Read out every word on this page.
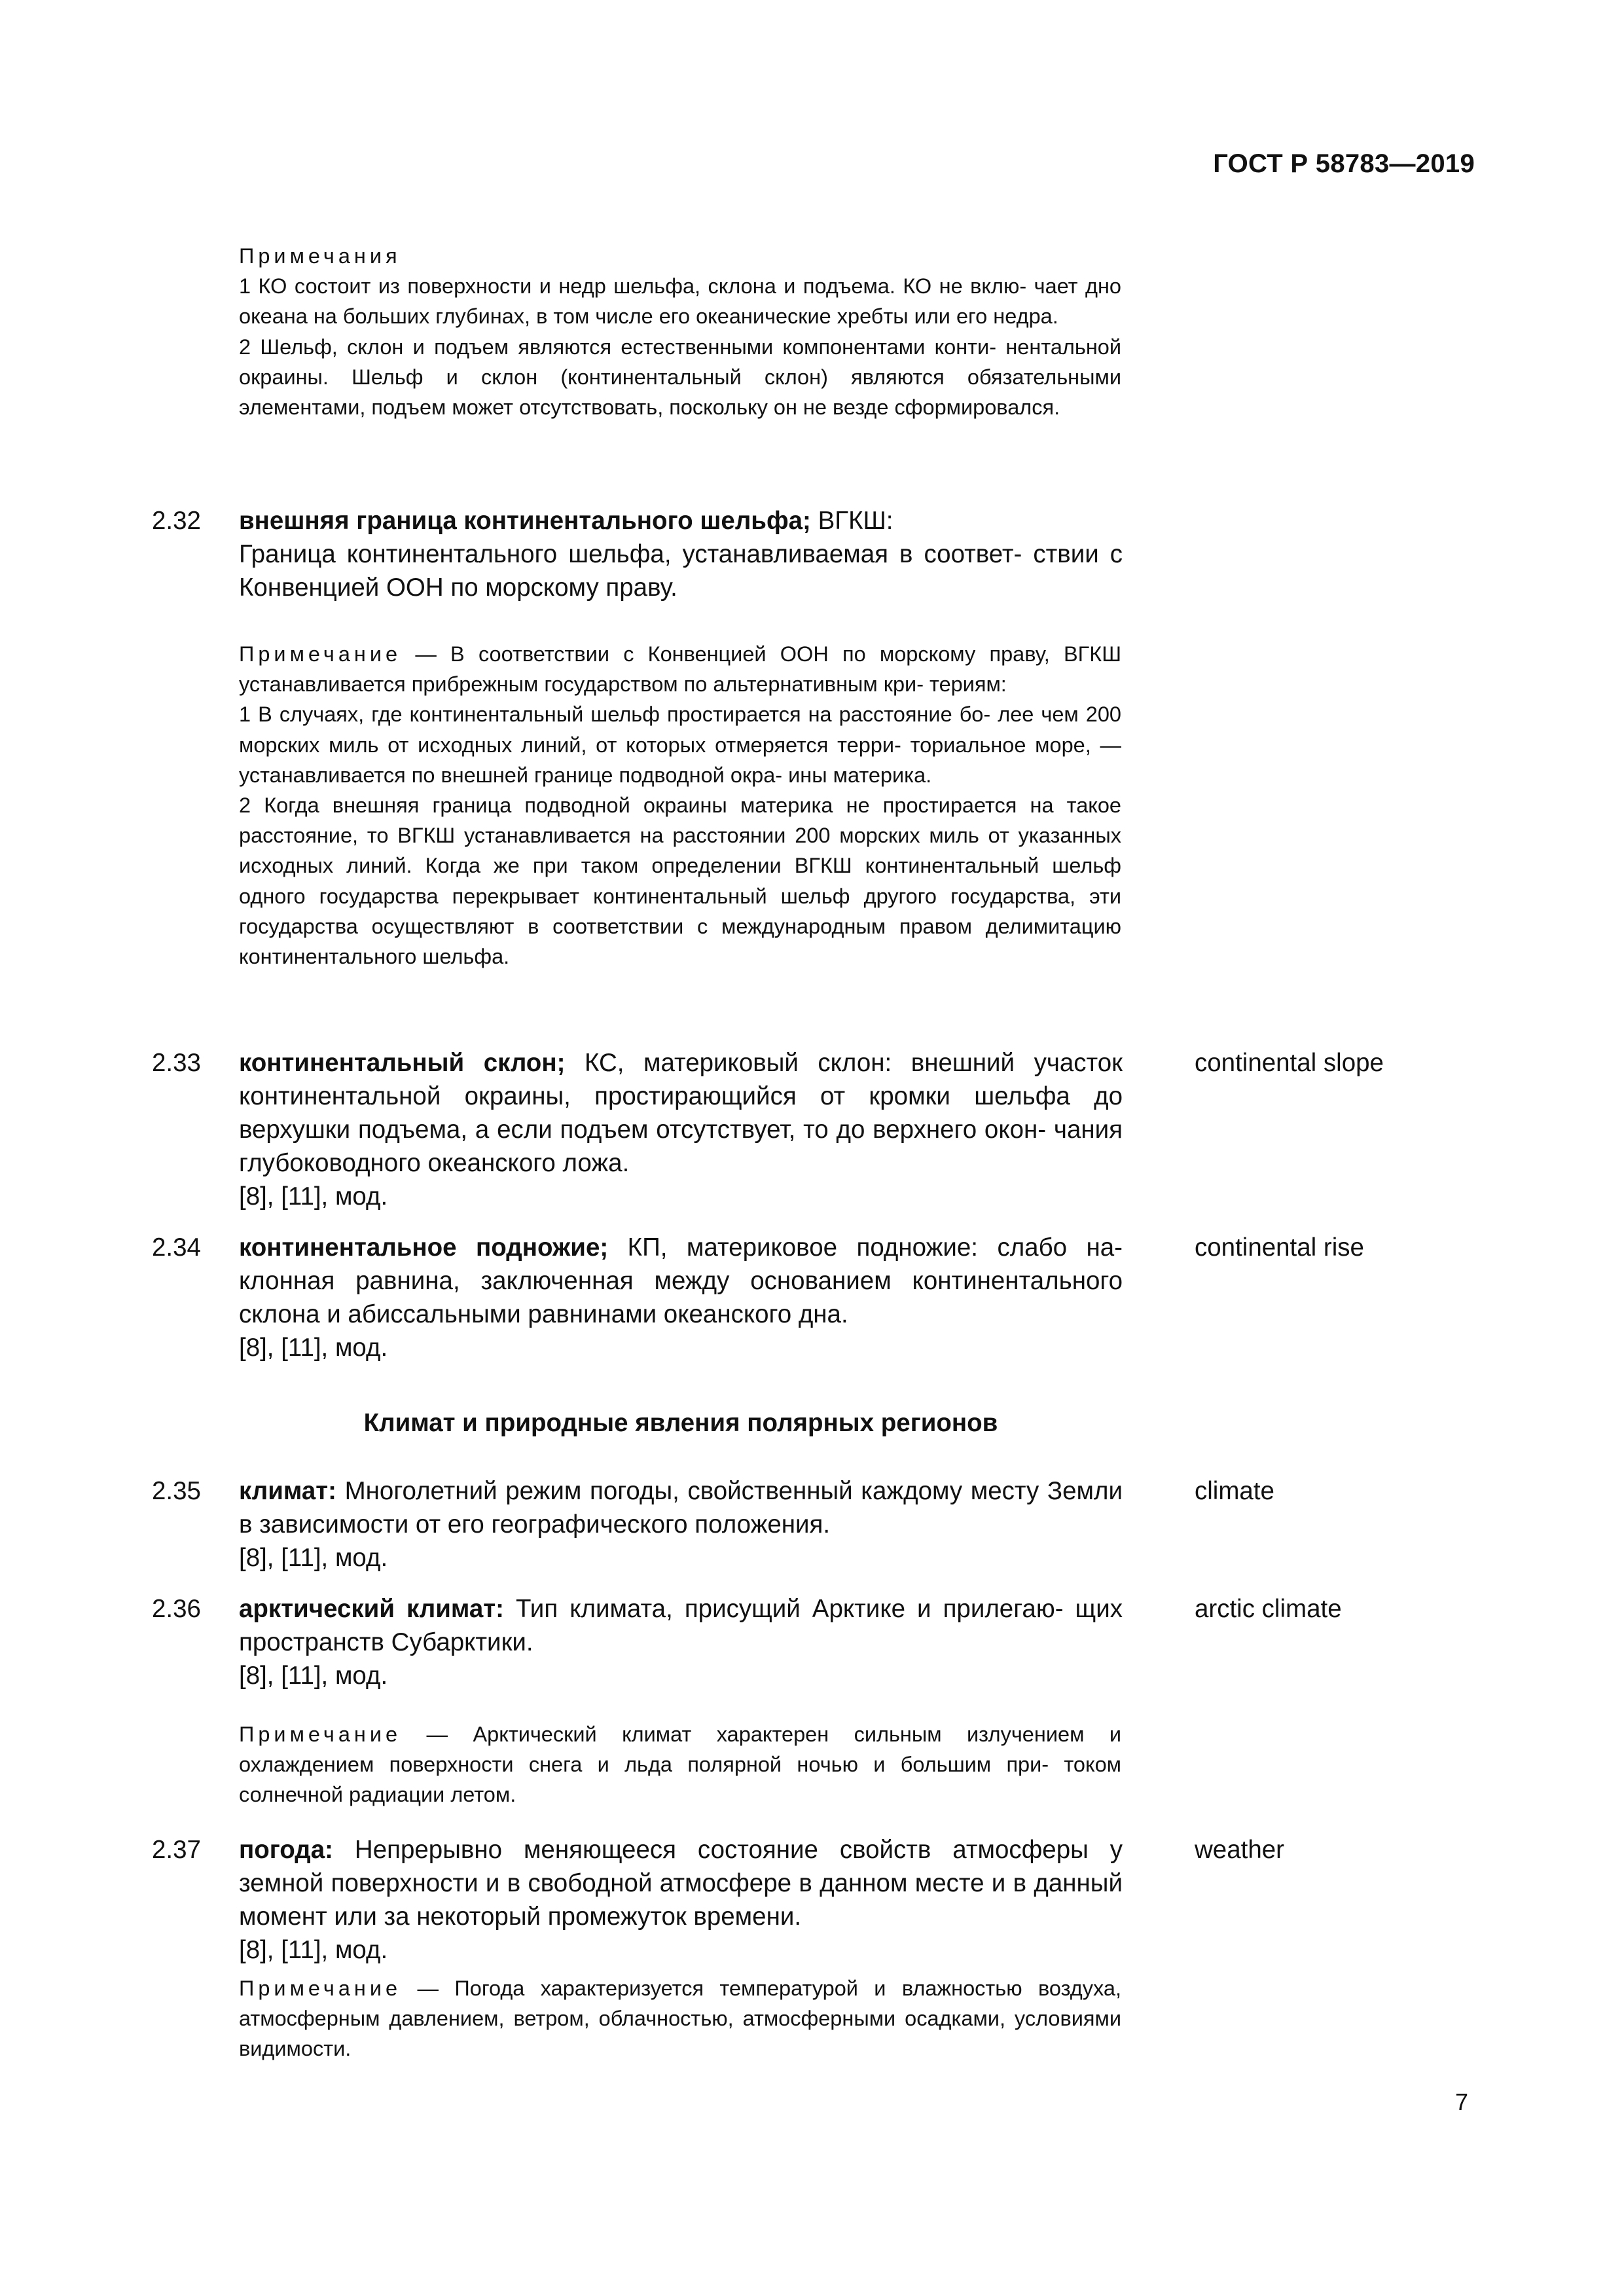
ГОСТ Р 58783—2019

Примечания

1 КО состоит из поверхности и недр шельфа, склона и подъема. КО не вклю- чает дно океана на больших глубинах, в том числе его океанические хребты или его недра.

2 Шельф, склон и подъем являются естественными компонентами конти- нентальной окраины. Шельф и склон (континентальный склон) являются обязательными элементами, подъем может отсутствовать, поскольку он не везде сформировался.

2.32 внешняя граница континентального шельфа; ВГКШ:

Граница континентального шельфа, устанавливаемая в соответ- ствии с Конвенцией ООН по морскому праву.

Примечание — В соответствии с Конвенцией ООН по морскому праву, ВГКШ устанавливается прибрежным государством по альтернативным кри- териям:

1 В случаях, где континентальный шельф простирается на расстояние бо- лее чем 200 морских миль от исходных линий, от которых отмеряется терри- ториальное море, — устанавливается по внешней границе подводной окра- ины материка.

2 Когда внешняя граница подводной окраины материка не простирается на такое расстояние, то ВГКШ устанавливается на расстоянии 200 морских миль от указанных исходных линий. Когда же при таком определении ВГКШ континентальный шельф одного государства перекрывает континентальный шельф другого государства, эти государства осуществляют в соответствии с международным правом делимитацию континентального шельфа.

2.33 континентальный склон; КС, материковый склон: внешний участок континентальной окраины, простирающийся от кромки шельфа до верхушки подъема, а если подъем отсутствует, то до верхнего окон- чания глубоководного океанского ложа.

[8], [11], мод.

continental slope
2.34 континентальное подножие; КП, материковое подножие: слабо на- клонная равнина, заключенная между основанием континентального склона и абиссальными равнинами океанского дна.

[8], [11], мод.

continental rise
Климат и природные явления полярных регионов
2.35 климат: Многолетний режим погоды, свойственный каждому месту Земли в зависимости от его географического положения.

[8], [11], мод.

climate
2.36 арктический климат: Тип климата, присущий Арктике и прилегаю- щих пространств Субарктики.

[8], [11], мод.

arctic climate

Примечание — Арктический климат характерен сильным излучением и охлаждением поверхности снега и льда полярной ночью и большим при- током солнечной радиации летом.

2.37 погода: Непрерывно меняющееся состояние свойств атмосферы у земной поверхности и в свободной атмосфере в данном месте и в данный момент или за некоторый промежуток времени.

[8], [11], мод.

weather

Примечание — Погода характеризуется температурой и влажностью воздуха, атмосферным давлением, ветром, облачностью, атмосферными осадками, условиями видимости.

7
